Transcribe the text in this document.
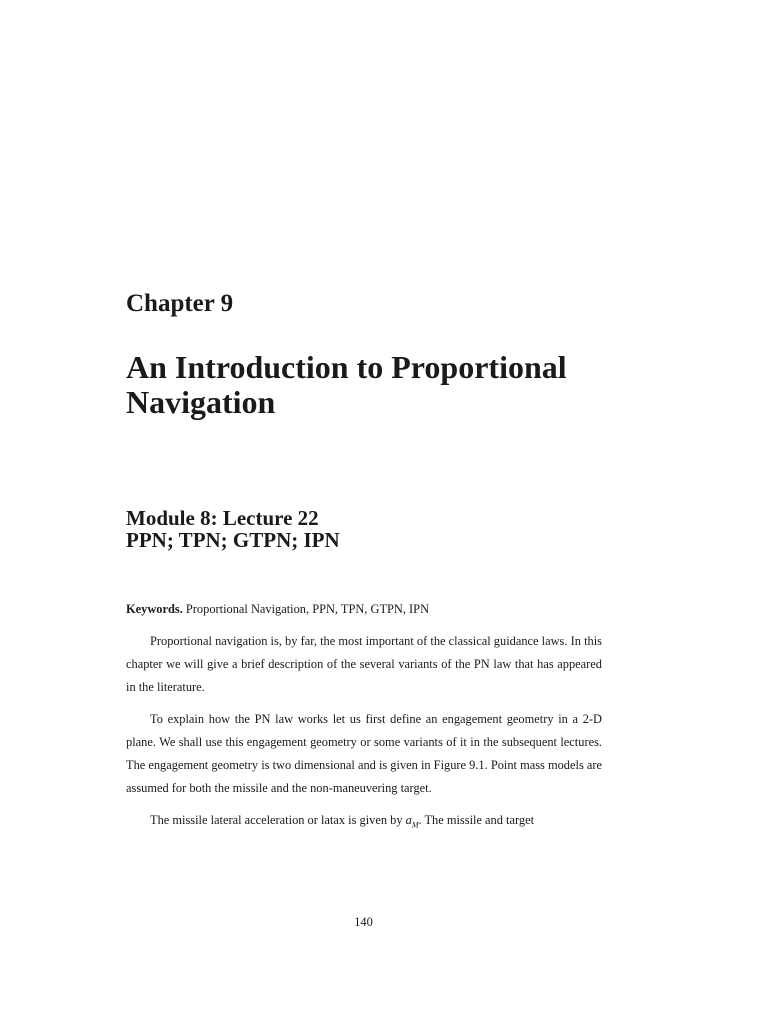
Chapter 9
An Introduction to Proportional Navigation
Module 8: Lecture 22
PPN; TPN; GTPN; IPN

Keywords. Proportional Navigation, PPN, TPN, GTPN, IPN

Proportional navigation is, by far, the most important of the classical guidance laws. In this chapter we will give a brief description of the several variants of the PN law that has appeared in the literature.

To explain how the PN law works let us first define an engagement geometry in a 2-D plane. We shall use this engagement geometry or some variants of it in the subsequent lectures. The engagement geometry is two dimensional and is given in Figure 9.1. Point mass models are assumed for both the missile and the non-maneuvering target.

The missile lateral acceleration or latax is given by $a_M$. The missile and target

140
